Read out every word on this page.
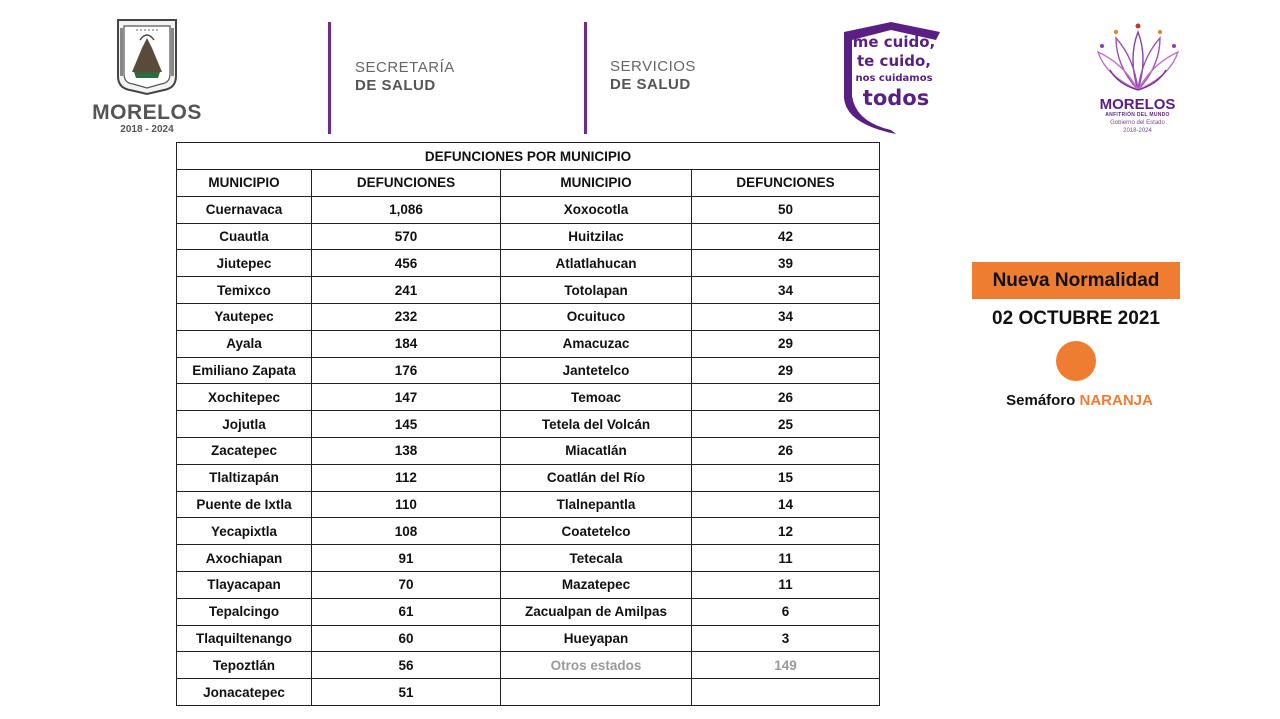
MORELOS
2018 - 2024
SECRETARÍA
DE SALUD
SERVICIOS
DE SALUD
me cuido,
te cuido,
nos cuidamos
todos	MORELOS
ANFITRIÓN DEL MUNDO
Gobierno del Estado
2018-2024
DEFUNCIONES POR MUNICIPIO			
MUNICIPIO	DEFUNCIONES	MUNICIPIO	DEFUNCIONES
Cuernavaca	1,086	Xoxocotla	50
Cuautla	570	Huitzilac	42
Jiutepec	456	Atlatlahucan	39
Temixco	241	Totolapan	34
Yautepec	232	Ocuituco	34
Ayala	184	Amacuzac	29
Emiliano Zapata	176	Jantetelco	29
Xochitepec	147	Temoac	26
Jojutla	145	Tetela del Volcán	25
Zacatepec	138	Miacatlán	26
Tlaltizapán	112	Coatlán del Río	15
Puente de Ixtla	110	Tlalnepantla	14
Yecapixtla	108	Coatetelco	12
Axochiapan	91	Tetecala	11
Tlayacapan	70	Mazatepec	11
Tepalcingo	61	Zacualpan de Amilpas	6
Tlaquiltenango	60	Hueyapan	3
Tepoztlán	56	Otros estados	149
Jonacatepec	51		
Nueva Normalidad
02 OCTUBRE 2021
Semáforo NARANJA
